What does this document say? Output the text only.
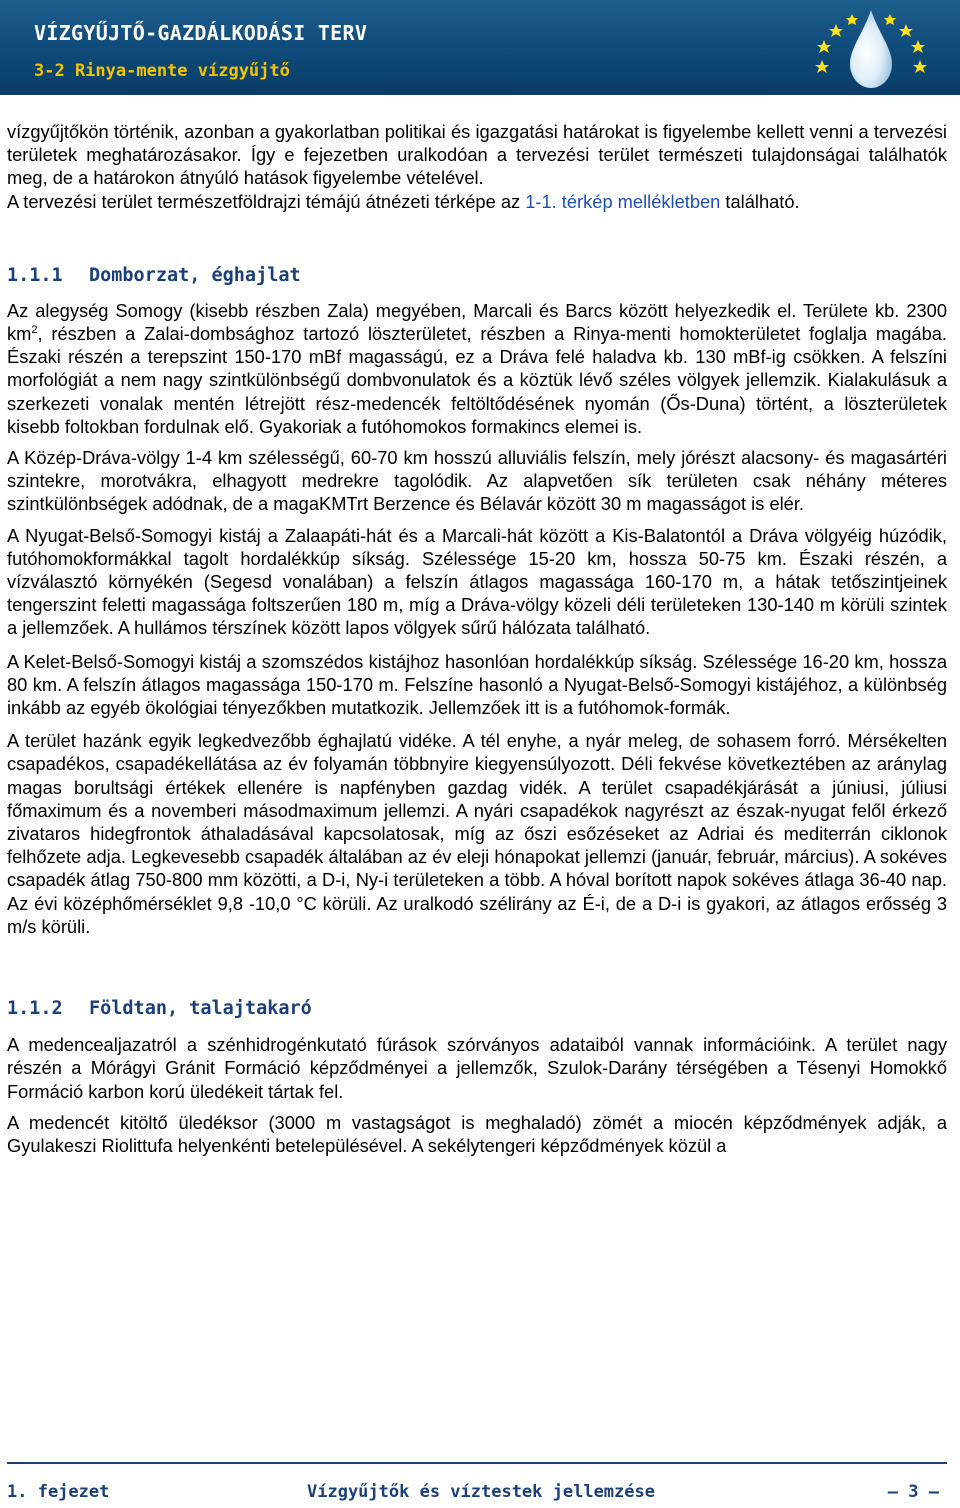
VÍZGYŰJTŐ-GAZDÁLKODÁSI TERV
3-2 Rinya-mente vízgyűjtő

vízgyűjtőkön történik, azonban a gyakorlatban politikai és igazgatási határokat is figyelembe kellett venni a tervezési területek meghatározásakor. Így e fejezetben uralkodóan a tervezési terület természeti tulajdonságai találhatók meg, de a határokon átnyúló hatások figyelembe vételével.

A tervezési terület természetföldrajzi témájú átnézeti térképe az 1-1. térkép mellékletben található.

1.1.1 Domborzat, éghajlat

Az alegység Somogy (kisebb részben Zala) megyében, Marcali és Barcs között helyezkedik el. Területe kb. 2300 $km^2$, részben a Zalai-dombsághoz tartozó löszterületet, részben a Rinya-menti homokterületet foglalja magába. Északi részén a terepszint 150-170 mBf magasságú, ez a Dráva felé haladva kb. 130 mBf-ig csökken. A felszíni morfológiát a nem nagy szintkülönbségű dombvonulatok és a köztük lévő széles völgyek jellemzik. Kialakulásuk a szerkezeti vonalak mentén létrejött rész-medencék feltöltődésének nyomán (Ős-Duna) történt, a löszterületek kisebb foltokban fordulnak elő. Gyakoriak a futóhomokos formakincs elemei is.

A Közép-Dráva-völgy 1-4 km szélességű, 60-70 km hosszú alluviális felszín, mely jórészt alacsony- és magasártéri szintekre, morotvákra, elhagyott medrekre tagolódik. Az alapvetően sík területen csak néhány méteres szintkülönbségek adódnak, de a magaKMTrt Berzence és Bélavár között 30 m magasságot is elér.

A Nyugat-Belső-Somogyi kistáj a Zalaapáti-hát és a Marcali-hát között a Kis-Balatontól a Dráva völgyéig húzódik, futóhomokformákkal tagolt hordalékkúp síkság. Szélessége 15-20 km, hossza 50-75 km. Északi részén, a vízválasztó környékén (Segesd vonalában) a felszín átlagos magassága 160-170 m, a hátak tetőszintjeinek tengerszint feletti magassága foltszerűen 180 m, míg a Dráva-völgy közeli déli területeken 130-140 m körüli szintek a jellemzőek. A hullámos térszínek között lapos völgyek sűrű hálózata található.

A Kelet-Belső-Somogyi kistáj a szomszédos kistájhoz hasonlóan hordalékkúp síkság. Szélessége 16-20 km, hossza 80 km. A felszín átlagos magassága 150-170 m. Felszíne hasonló a Nyugat-Belső-Somogyi kistájéhoz, a különbség inkább az egyéb ökológiai tényezőkben mutatkozik. Jellemzőek itt is a futóhomok-formák.

A terület hazánk egyik legkedvezőbb éghajlatú vidéke. A tél enyhe, a nyár meleg, de sohasem forró. Mérsékelten csapadékos, csapadékellátása az év folyamán többnyire kiegyensúlyozott. Déli fekvése következtében az aránylag magas borultsági értékek ellenére is napfényben gazdag vidék. A terület csapadékjárását a júniusi, júliusi főmaximum és a novemberi másodmaximum jellemzi. A nyári csapadékok nagyrészt az észak-nyugat felől érkező zivataros hidegfrontok áthaladásával kapcsolatosak, míg az őszi esőzéseket az Adriai és mediterrán ciklonok felhőzete adja. Legkevesebb csapadék általában az év eleji hónapokat jellemzi (január, február, március). A sokéves csapadék átlag 750-800 mm közötti, a D-i, Ny-i területeken a több. A hóval borított napok sokéves átlaga 36-40 nap. Az évi középhőmérséklet 9,8 -10,0 °C körüli. Az uralkodó szélirány az É-i, de a D-i is gyakori, az átlagos erősség 3 m/s körüli.

1.1.2 Földtan, talajtakaró

A medencealjazatról a szénhidrogénkutató fúrások szórványos adataiból vannak információink. A terület nagy részén a Mórágyi Gránit Formáció képződményei a jellemzők, Szulok-Darány térségében a Tésenyi Homokkő Formáció karbon korú üledékeit tártak fel.

A medencét kitöltő üledéksor (3000 m vastagságot is meghaladó) zömét a miocén képződmények adják, a Gyulakeszi Riolittufa helyenkénti betelepülésével. A sekélytengeri képződmények közül a

1. fejezet	Vízgyűjtők és víztestek jellemzése	— 3 —
